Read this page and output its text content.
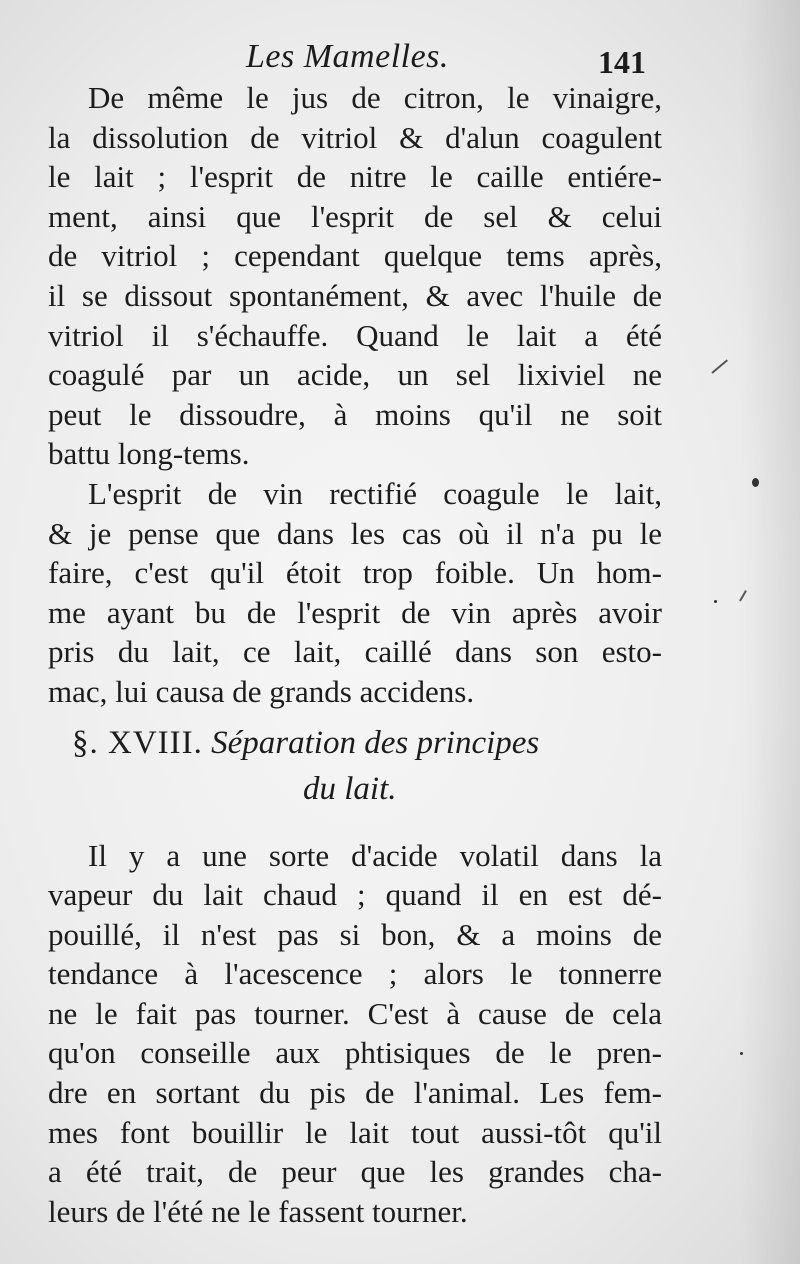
Les Mamelles.	141
De même le jus de citron, le vinaigre,
la dissolution de vitriol & d'alun coagulent
le lait ; l'esprit de nitre le caille entiére-
ment, ainsi que l'esprit de sel & celui
de vitriol ; cependant quelque tems après,
il se dissout spontanément, & avec l'huile de
vitriol il s'échauffe. Quand le lait a été
coagulé par un acide, un sel lixiviel ne
peut le dissoudre, à moins qu'il ne soit
battu long-tems.
L'esprit de vin rectifié coagule le lait,
& je pense que dans les cas où il n'a pu le
faire, c'est qu'il étoit trop foible. Un hom-
me ayant bu de l'esprit de vin après avoir
pris du lait, ce lait, caillé dans son esto-
mac, lui causa de grands accidens.
§. XVIII. Séparation des principes
du lait.
Il y a une sorte d'acide volatil dans la
vapeur du lait chaud ; quand il en est dé-
pouillé, il n'est pas si bon, & a moins de
tendance à l'acescence ; alors le tonnerre
ne le fait pas tourner. C'est à cause de cela
qu'on conseille aux phtisiques de le pren-
dre en sortant du pis de l'animal. Les fem-
mes font bouillir le lait tout aussi-tôt qu'il
a été trait, de peur que les grandes cha-
leurs de l'été ne le fassent tourner.
